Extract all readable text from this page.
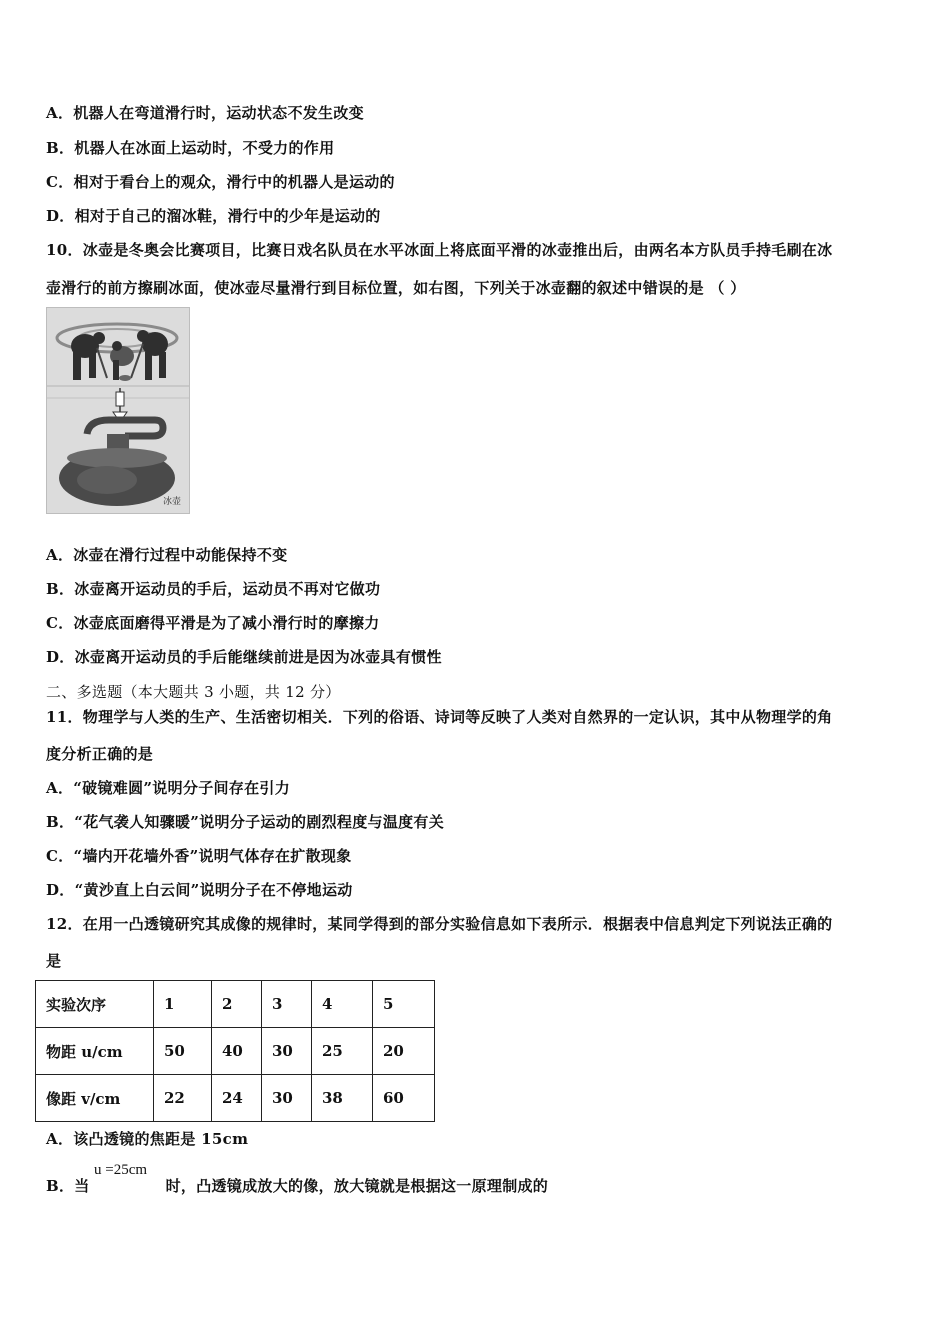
A．机器人在弯道滑行时，运动状态不发生改变
B．机器人在冰面上运动时，不受力的作用
C．相对于看台上的观众，滑行中的机器人是运动的
D．相对于自己的溜冰鞋，滑行中的少年是运动的
10．冰壶是冬奥会比赛项目，比赛日戏名队员在水平冰面上将底面平滑的冰壶推出后，由两名本方队员手持毛刷在冰
壶滑行的前方擦刷冰面，使冰壶尽量滑行到目标位置，如右图，下列关于冰壶翻的叙述中错误的是 （ ）
冰壶
A．冰壶在滑行过程中动能保持不变
B．冰壶离开运动员的手后，运动员不再对它做功
C．冰壶底面磨得平滑是为了减小滑行时的摩擦力
D．冰壶离开运动员的手后能继续前进是因为冰壶具有惯性
二、多选题（本大题共 3 小题，共 12 分）
11．物理学与人类的生产、生活密切相关．下列的俗语、诗词等反映了人类对自然界的一定认识，其中从物理学的角
度分析正确的是
A．“破镜难圆”说明分子间存在引力
B．“花气袭人知骤暖”说明分子运动的剧烈程度与温度有关
C．“墙内开花墙外香”说明气体存在扩散现象
D．“黄沙直上白云间”说明分子在不停地运动
12．在用一凸透镜研究其成像的规律时，某同学得到的部分实验信息如下表所示．根据表中信息判定下列说法正确的
是
实验次序	1	2	3	4	5
物距 u/cm	50	40	30	25	20
像距 v/cm	22	24	30	38	60
A．该凸透镜的焦距是 15cm
B．当	时，凸透镜成放大的像，放大镜就是根据这一原理制成的
u =25cm
